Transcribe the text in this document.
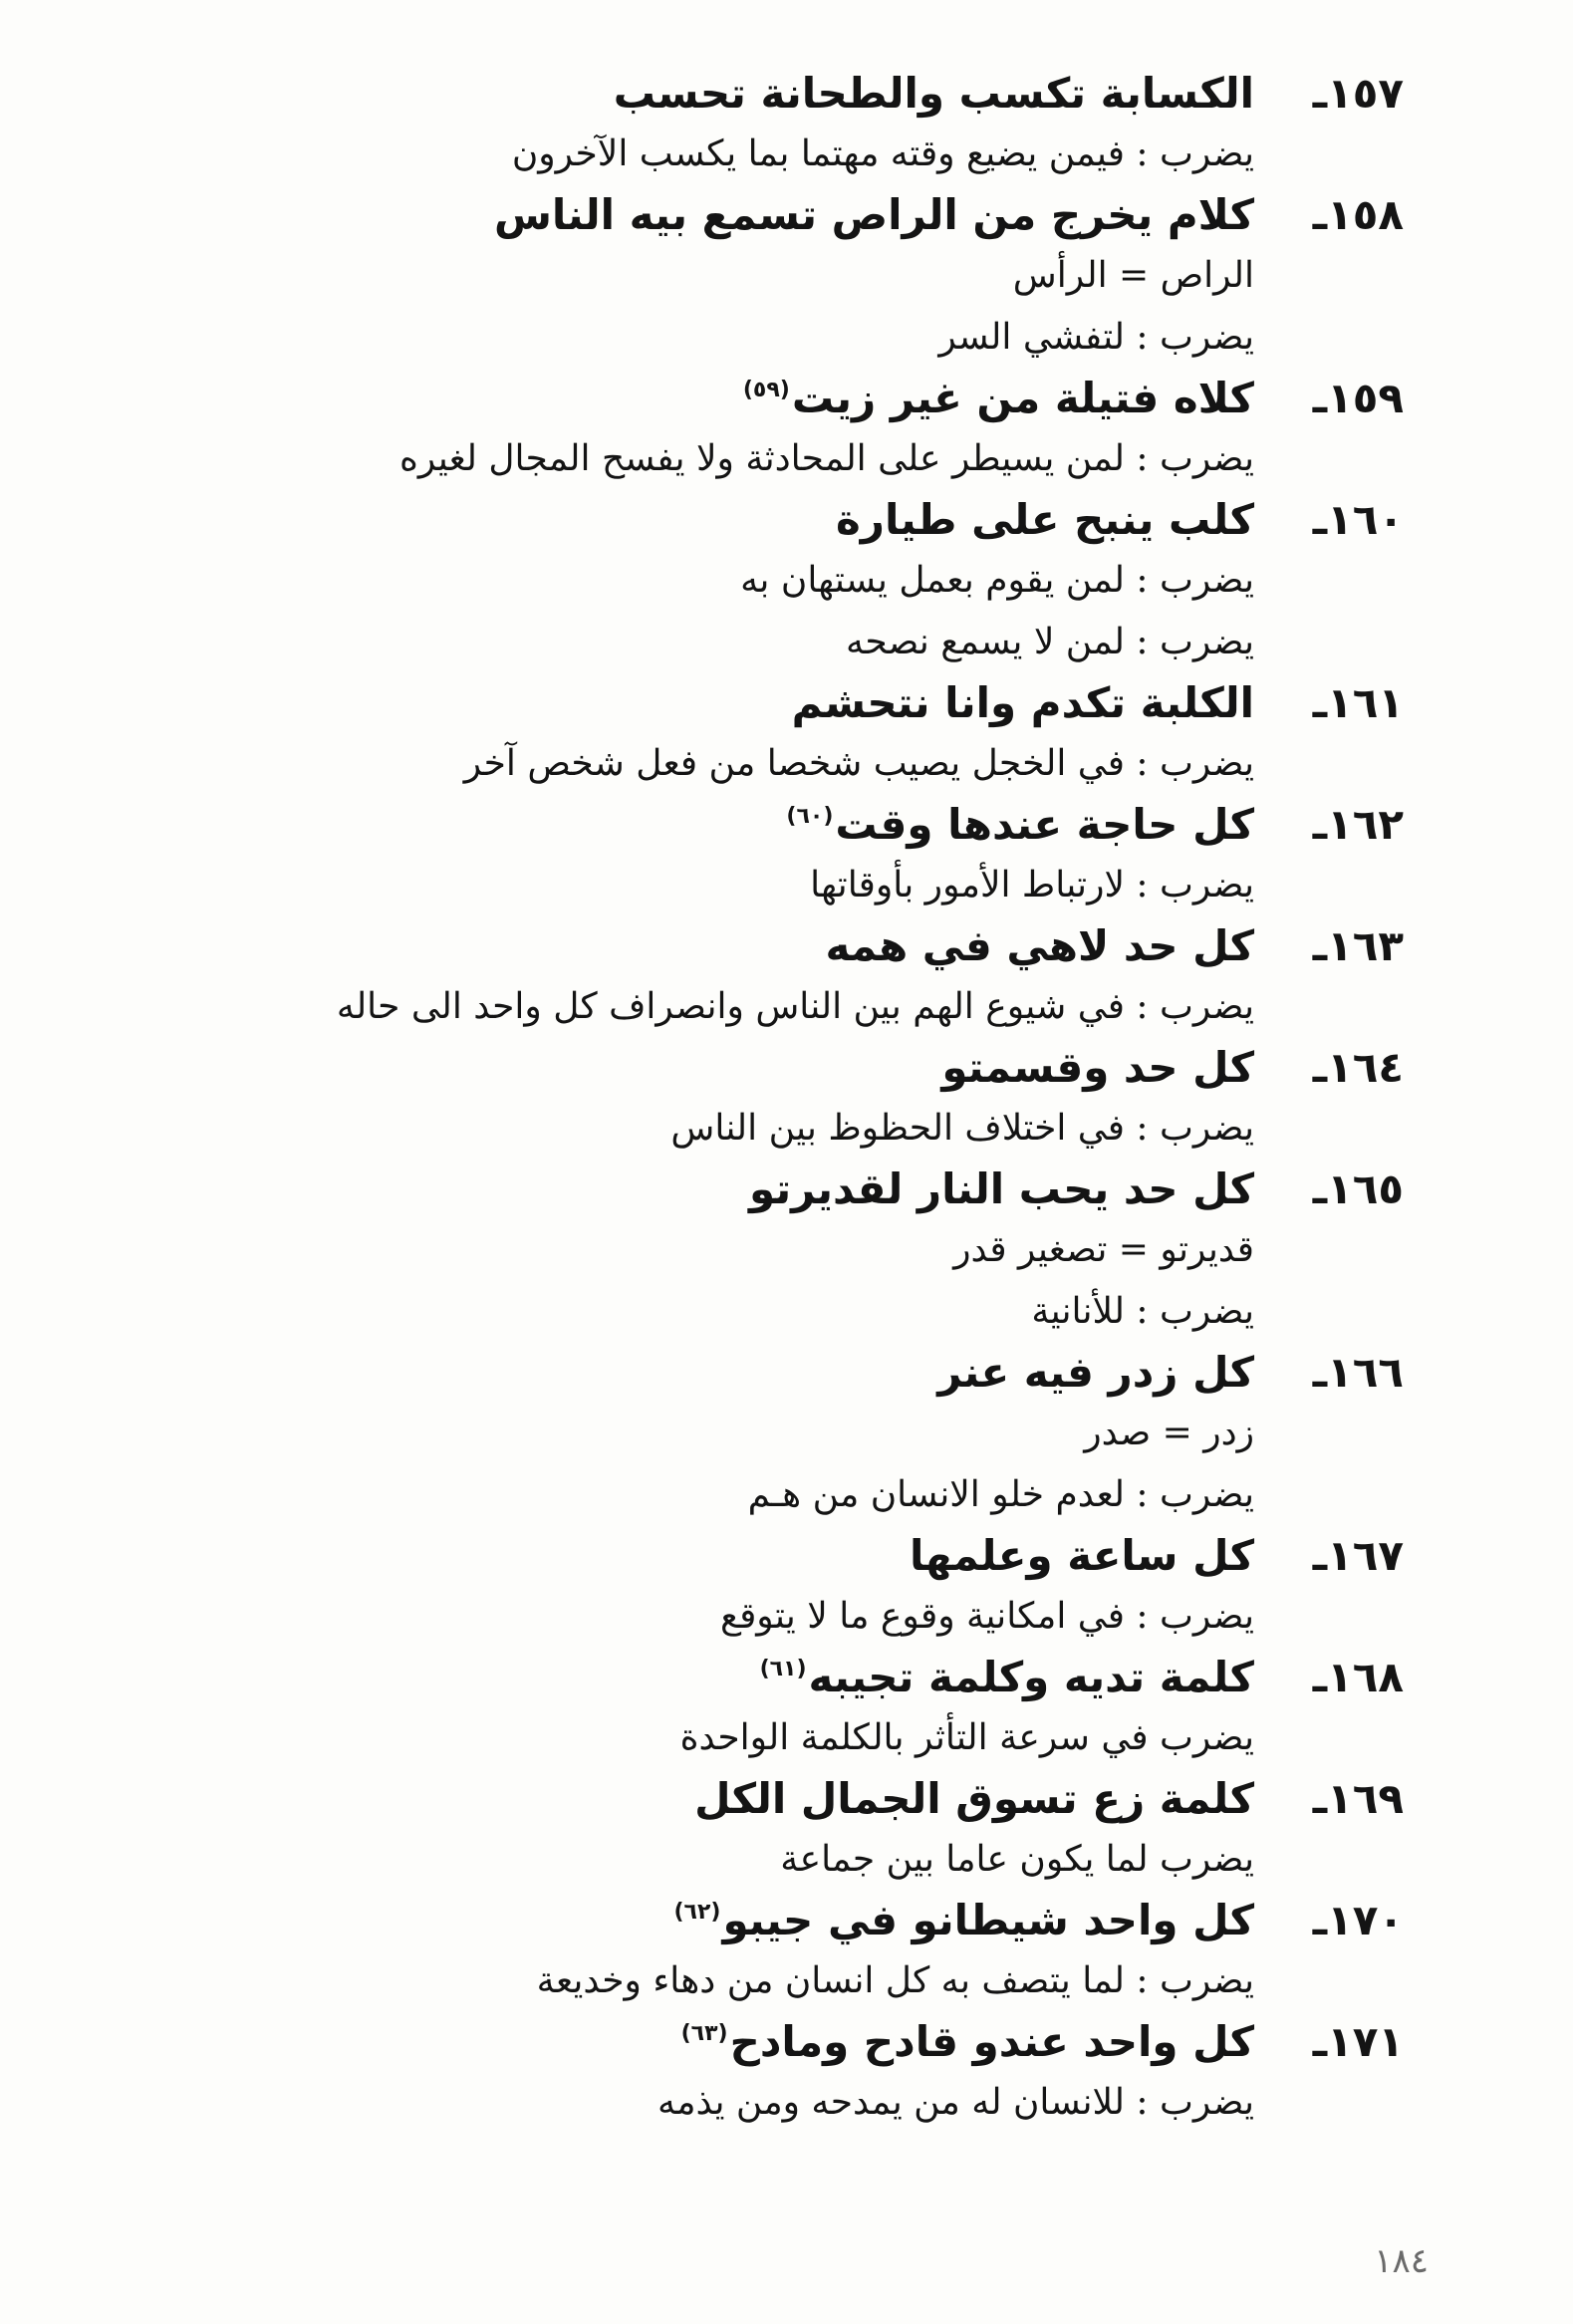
١٥٧ـ
الكسابة تكسب والطحانة تحسب
يضرب : فيمن يضيع وقته مهتما بما يكسب الآخرون
١٥٨ـ
كلام يخرج من الراص تسمع بيه الناس
الراص = الرأس
يضرب : لتفشي السر
١٥٩ـ
كلاه فتيلة من غير زيت
(٥٩)
يضرب : لمن يسيطر على المحادثة ولا يفسح المجال لغيره
١٦٠ـ
كلب ينبح على طيارة
يضرب : لمن يقوم بعمل يستهان به
يضرب : لمن لا يسمع نصحه
١٦١ـ
الكلبة تكدم وانا نتحشم
يضرب : في الخجل يصيب شخصا من فعل شخص آخر
١٦٢ـ
كل حاجة عندها وقت
(٦٠)
يضرب : لارتباط الأمور بأوقاتها
١٦٣ـ
كل حد لاهي في همه
يضرب : في شيوع الهم بين الناس وانصراف كل واحد الى حاله
١٦٤ـ
كل حد وقسمتو
يضرب : في اختلاف الحظوظ بين الناس
١٦٥ـ
كل حد يحب النار لقديرتو
قديرتو = تصغير قدر
يضرب : للأنانية
١٦٦ـ
كل زدر فيه عنر
زدر = صدر
يضرب : لعدم خلو الانسان من هـم
١٦٧ـ
كل ساعة وعلمها
يضرب : في امكانية وقوع ما لا يتوقع
١٦٨ـ
كلمة تديه وكلمة تجيبه
(٦١)
يضرب في سرعة التأثر بالكلمة الواحدة
١٦٩ـ
كلمة زع تسوق الجمال الكل
يضرب لما يكون عاما بين جماعة
١٧٠ـ
كل واحد شيطانو في جيبو
(٦٢)
يضرب : لما يتصف به كل انسان من دهاء وخديعة
١٧١ـ
كل واحد عندو قادح ومادح
(٦٣)
يضرب : للانسان له من يمدحه ومن يذمه
١٨٤
